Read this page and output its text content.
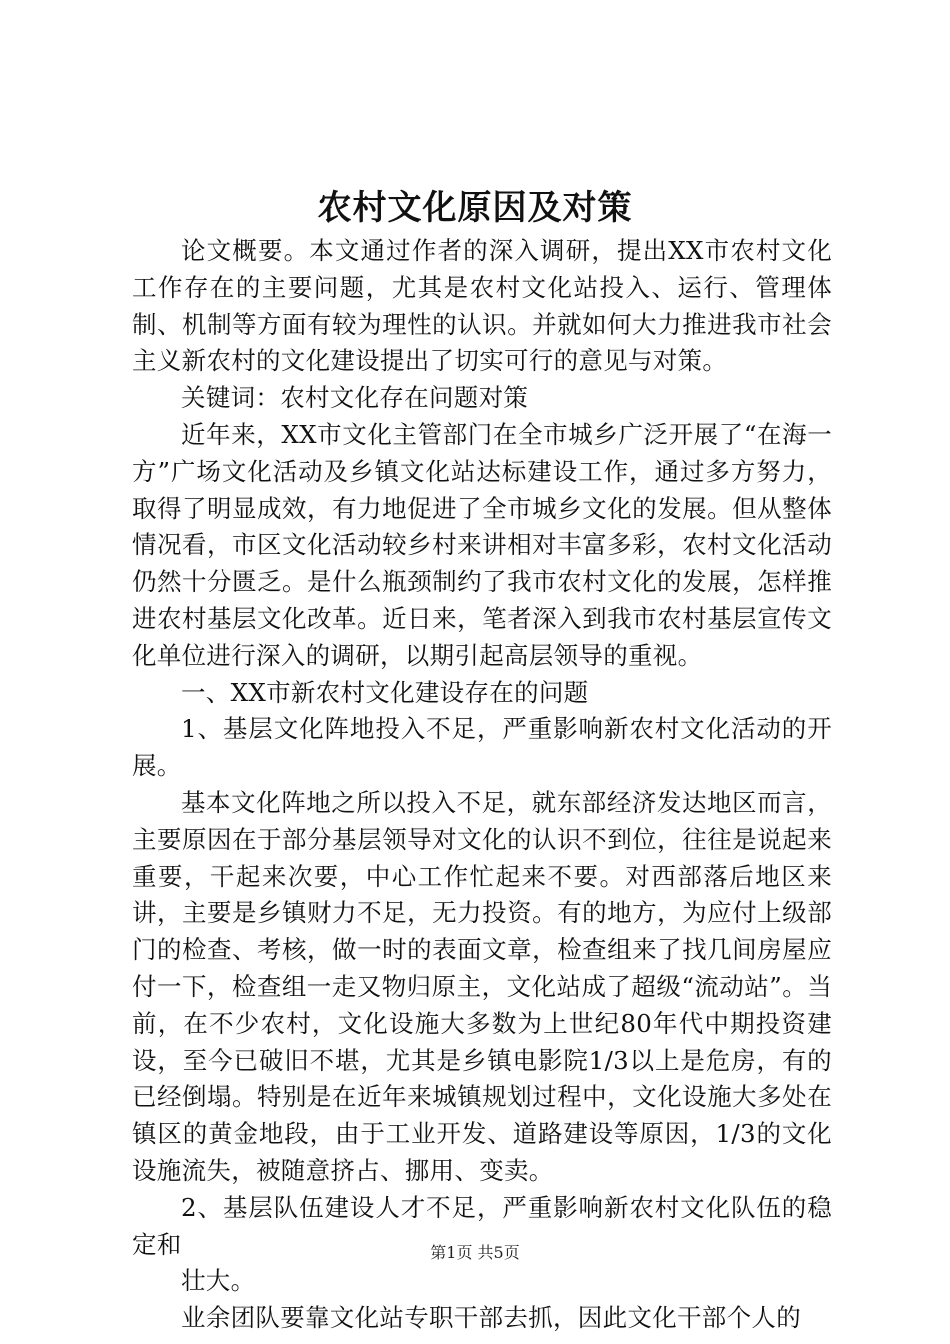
农村文化原因及对策

论文概要。本文通过作者的深入调研，提出XX市农村文化工作存在的主要问题，尤其是农村文化站投入、运行、管理体制、机制等方面有较为理性的认识。并就如何大力推进我市社会主义新农村的文化建设提出了切实可行的意见与对策。

关键词：农村文化存在问题对策

近年来，XX市文化主管部门在全市城乡广泛开展了“在海一方”广场文化活动及乡镇文化站达标建设工作，通过多方努力，取得了明显成效，有力地促进了全市城乡文化的发展。但从整体情况看，市区文化活动较乡村来讲相对丰富多彩，农村文化活动仍然十分匮乏。是什么瓶颈制约了我市农村文化的发展，怎样推进农村基层文化改革。近日来，笔者深入到我市农村基层宣传文化单位进行深入的调研，以期引起高层领导的重视。

一、XX市新农村文化建设存在的问题

1、基层文化阵地投入不足，严重影响新农村文化活动的开展。

基本文化阵地之所以投入不足，就东部经济发达地区而言，主要原因在于部分基层领导对文化的认识不到位，往往是说起来重要，干起来次要，中心工作忙起来不要。对西部落后地区来讲，主要是乡镇财力不足，无力投资。有的地方，为应付上级部门的检查、考核，做一时的表面文章，检查组来了找几间房屋应付一下，检查组一走又物归原主，文化站成了超级“流动站”。当前，在不少农村，文化设施大多数为上世纪80年代中期投资建设，至今已破旧不堪，尤其是乡镇电影院1/3以上是危房，有的已经倒塌。特别是在近年来城镇规划过程中，文化设施大多处在镇区的黄金地段，由于工业开发、道路建设等原因，1/3的文化设施流失，被随意挤占、挪用、变卖。

2、基层队伍建设人才不足，严重影响新农村文化队伍的稳定和

壮大。

业余团队要靠文化站专职干部去抓，因此文化干部个人的

第1页 共5页
